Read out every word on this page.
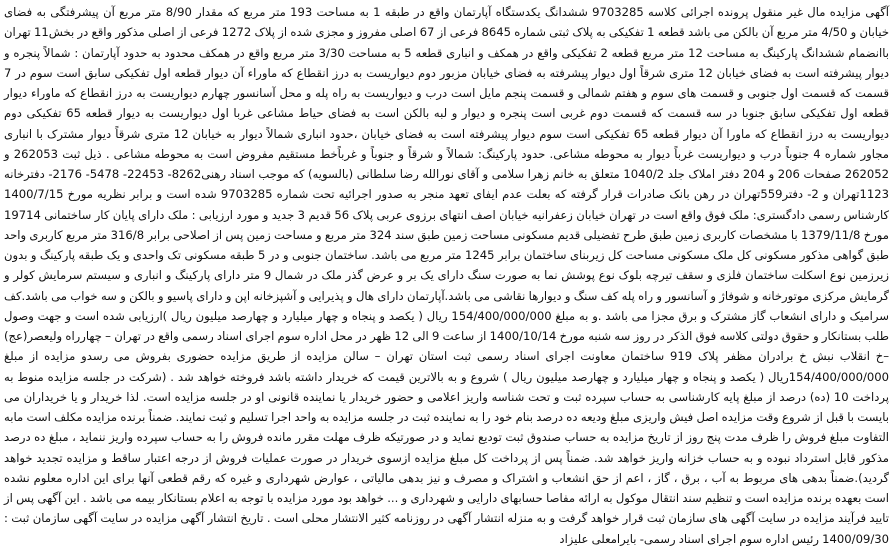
آگهی مزایده مال غیر منقول پرونده اجرائی کلاسه 9703285 ششدانگ یکدستگاه آپارتمان واقع در طبقه 1 به مساحت 193 متر مربع که مقدار 8/90 متر مربع آن پیشرفتگی به فضای خیابان و 4/50 متر مربع آن بالکن می باشد قطعه 1 تفکیکی به پلاک ثبتی شماره 8645 فرعی از 67 اصلی مفروز و مجزی شده از پلاک 1272 فرعی از اصلی مذکور واقع در بخش11 تهران باانضمام ششدانگ پارکینگ به مساحت 12 متر مربع قطعه 2 تفکیکی واقع در همکف و انباری قطعه 5 به مساحت 3/30 متر مربع واقع در همکف محدود به حدود آپارتمان : شمالاً پنجره و دیوار پیشرفته است به فضای خیابان 12 متری شرقاً اول دیوار پیشرفته به فضای خیابان مزبور دوم دیواریست به درز انقطاع که ماوراء آن دیوار قطعه اول تفکیکی سابق است سوم در 7 قسمت که قسمت اول جنوبی و قسمت های سوم و هفتم شمالی و قسمت پنجم مایل است درب و دیواریست به راه پله و محل آسانسور چهارم دیواریست به درز انقطاع که ماوراء دیوار قطعه اول تفکیکی سابق جنوبا در سه قسمت که قسمت دوم غربی است پنجره و دیوار و لبه بالکن است به فضای حیاط مشاعی غربا اول دیواریست به دیوار قطعه 65 تفکیکی دوم دیواریست به درز انقطاع که ماورا آن دیوار قطعه 65 تفکیکی است سوم دیوار پیشرفته است به فضای خیابان ،حدود انباری شمالاً دیوار به خیابان 12 متری شرقاً دیوار مشترک با انباری مجاور شماره 4 جنوباً درب و دیواریست غرباً دیوار به محوطه مشاعی. حدود پارکینگ: شمالاً و شرقاً و جنوباً و غرباًخط مستقیم مفروض است به محوطه مشاعی . ذیل ثبت 262053 و 262052 صفحات 206 و 204 دفتر املاک جلد 1040/2 متعلق به خانم زهرا سلامی و آقای نورالله رضا سلطانی (بالسویه) که موجب اسناد رهنی8262- 22453- 5478- 2176- دفترخانه 1123تهران و 2- دفتر559تهران در رهن بانک صادرات قرار گرفته که بعلت عدم ایفای تعهد منجر به صدور اجرائیه تحت شماره 9703285 شده است و برابر نظریه مورخ 1400/7/15 کارشناس رسمی دادگستری: ملک فوق واقع است در تهران خیابان زعفرانیه خیابان اصف انتهای برزوی عربی پلاک 56 قدیم 3 جدید و مورد ارزیابی : ملک دارای پایان کار ساختمانی 19714 مورخ 1379/11/8 با مشخصات کاربری زمین طبق طرح تفضیلی قدیم مسکونی مساحت زمین طبق سند 324 متر مربع و مساحت زمین پس از اصلاحی برابر 316/8 متر مربع کاربری واحد طبق گواهی مذکور مسکونی کل ملک مسکونی مساحت کل زیربنای ساختمان برابر 1245 متر مربع می باشد. ساختمان جنوبی و در 5 طبقه مسکونی تک واحدی و یک طبقه پارکینگ و بدون زیرزمین نوع اسکلت ساختمان فلزی و سقف تیرچه بلوک نوع پوشش نما به صورت سنگ دارای یک بر و عرض گذر ملک در شمال 9 متر دارای پارکینگ و انباری و سیستم سرمایش کولر و گرمایش مرکزی موتورخانه و شوفاژ و آسانسور و راه پله کف سنگ و دیوارها نقاشی می باشد.آپارتمان دارای هال و پذیرایی و آشپزخانه اپن و دارای پاسیو و بالکن و سه خواب می باشد.کف سرامیک و دارای انشعاب گاز مشترک و برق مجزا می باشد .و به مبلغ 154/400/000/000 ریال ( یکصد و پنجاه و چهار میلیارد و چهارصد میلیون ریال )ارزیابی شده است و جهت وصول طلب بستانکار و حقوق دولتی کلاسه فوق الذکر در روز سه شنبه مورخ 1400/10/14 از ساعت 9 الی 12 ظهر در محل اداره سوم اجرای اسناد رسمی واقع در تهران – چهارراه ولیعصر(عج) –خ انقلاب نبش خ برادران مظفر پلاک 919 ساختمان معاونت اجرای اسناد رسمی ثبت استان تهران – سالن مزایده از طریق مزایده حضوری بفروش می رسدو مزایده از مبلغ 154/400/000/000ریال ( یکصد و پنجاه و چهار میلیارد و چهارصد میلیون ریال ) شروع و به بالاترین قیمت که خریدار داشته باشد فروخته خواهد شد . (شرکت در جلسه مزایده منوط به پرداخت 10 (ده) درصد از مبلغ پایه کارشناسی به حساب سپرده ثبت و تحت شناسه واریز اعلامی و حضور خریدار یا نماینده قانونی او در جلسه مزایده است. لذا خریدار و یا خریداران می بایست با قبل از شروع وقت مزایده اصل فیش واریزی مبلغ ودیعه ده درصد بنام خود را به نماینده ثبت در جلسه مزایده به واحد اجرا تسلیم و ثبت نمایند. ضمناً برنده مزایده مکلف است مابه التفاوت مبلغ فروش را ظرف مدت پنج روز از تاریخ مزایده به حساب صندوق ثبت تودیع نماید و در صورتیکه ظرف مهلت مقرر مانده فروش را به حساب سپرده واریز ننماید ، مبلغ ده درصد مذکور قابل استرداد نبوده و به حساب خزانه واریز خواهد شد. ضمناً پس از پرداخت کل مبلغ مزایده ازسوی خریدار در صورت عملیات فروش از درجه اعتبار ساقط و مزایده تجدید خواهد گردید).ضمناً بدهی های مربوط به آب ، برق ، گاز ، اعم از حق انشعاب و اشتراک و مصرف و نیز بدهی مالیاتی ، عوارض شهرداری و غیره که رقم قطعی آنها برای این اداره معلوم نشده است بعهده برنده مزایده است و تنظیم سند انتقال موکول به ارائه مفاصا حسابهای دارایی و شهرداری و ... خواهد بود مورد مزایده با توجه به اعلام بستانکار بیمه می باشد . این آگهی پس از تایید فرآیند مزایده در سایت آگهی های سازمان ثبت قرار خواهد گرفت و به منزله انتشار آگهی در روزنامه کثیر الانتشار محلی است . تاریخ انتشار آگهی مزایده در سایت آگهی سازمان ثبت : 1400/09/30 رئیس اداره سوم اجرای اسناد رسمی- بایرامعلی علیزاد
